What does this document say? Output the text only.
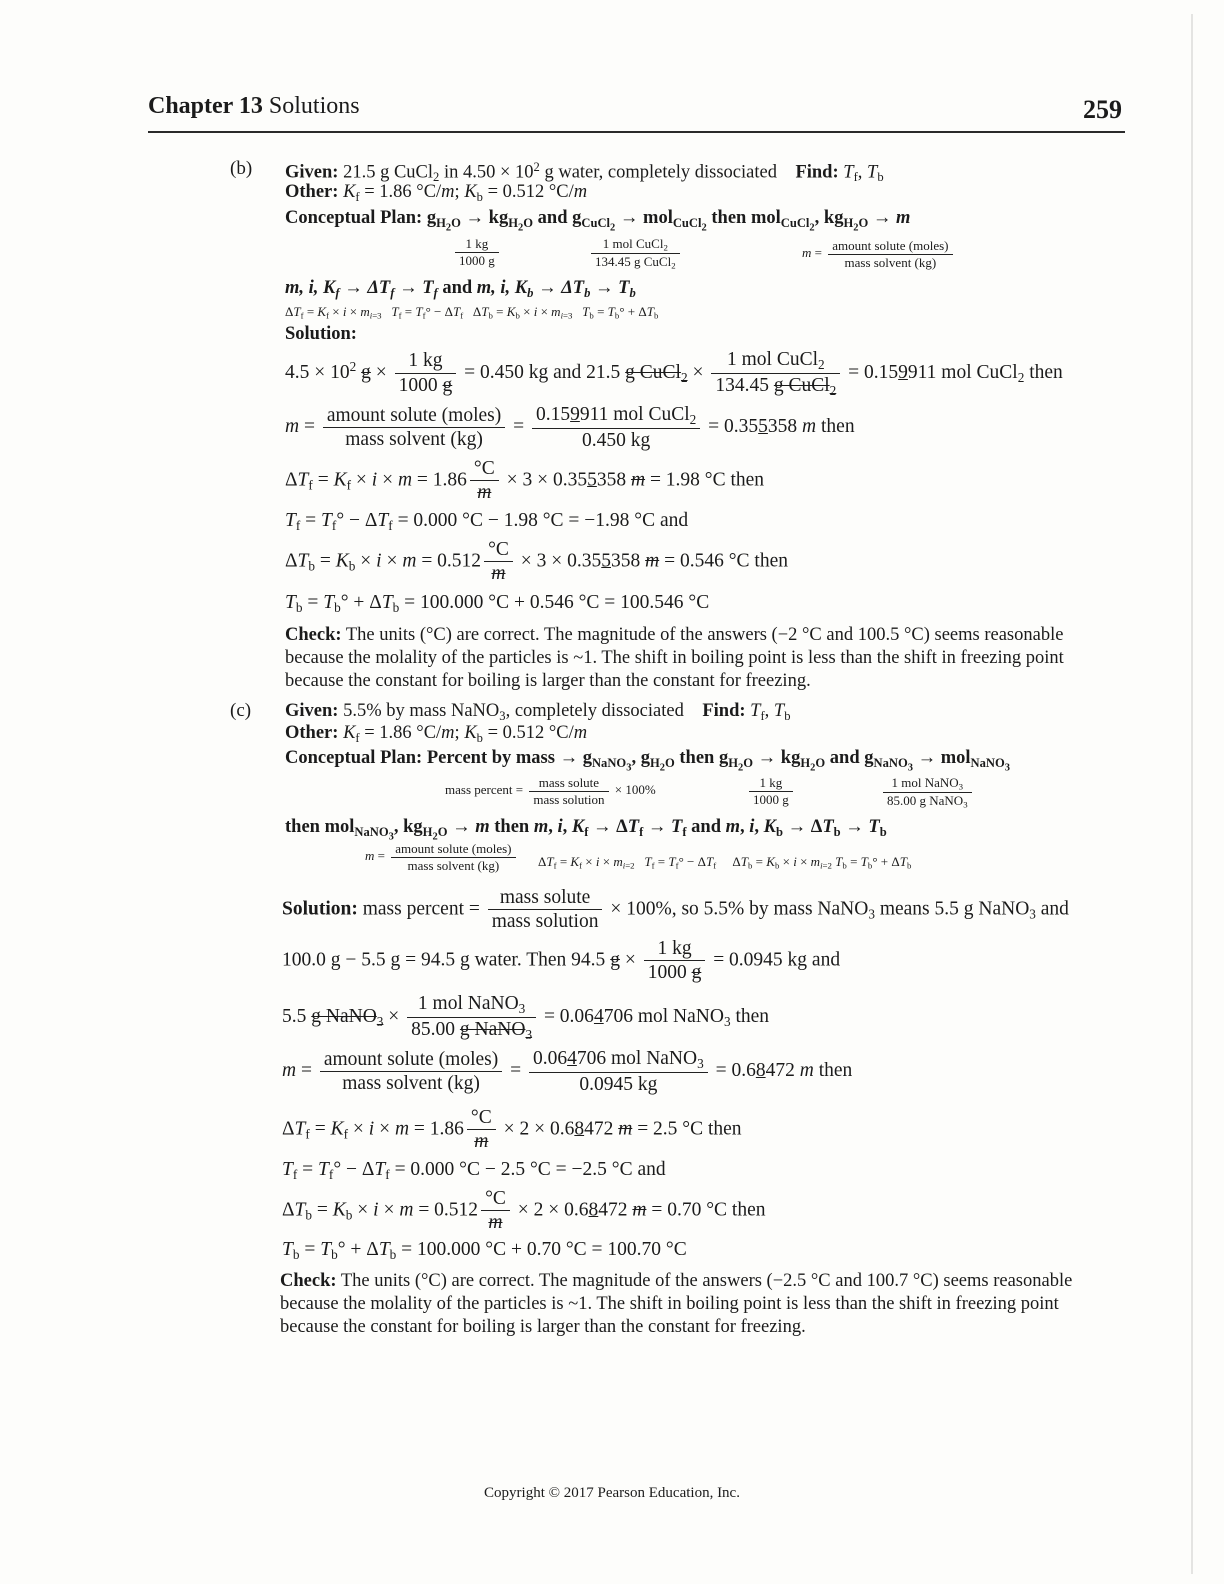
Chapter 13 Solutions	259
(b) Given: 21.5 g CuCl$_2$ in $4.50 \times 10^2$ g water, completely dissociated Find: $T_f$, $T_b$
Other: $K_f = 1.86$ °C/m; $K_b = 0.512$ °C/m
Conceptual Plan: $g_{H_2O} \to kg_{H_2O}$ and $g_{CuCl_2} \to mol_{CuCl_2}$ then mol$_{CuCl_2}$, $kg_{H_2O} \to m$
$\frac{1 kg}{1000 g}$	$\frac{1 mol CuCl_2}{134.45 g CuCl_2}$	$m = \frac{\text{amount solute (moles)}}{\text{mass solvent (kg)}}$
m, i, $K_f \to \Delta T_f \to T_f$ and m, i, $K_b \to \Delta T_b \to T_b$
$\Delta T_f = K_f \times i \times m_{i=3}$ $T_f = T_f^\circ - \Delta T_f$   $\Delta T_b = K_b \times i \times m_{i=3}$ $T_b = T_b^\circ + \Delta T_b$
Solution:
$4.5 \times 10^2$ $g \times \frac{1 kg}{1000 g} = 0.450$ kg and 21.5 g CuCl$_2$ × $\frac{1 mol CuCl_2}{134.45 g CuCl_2} = 0.159911$ mol CuCl$_2$ then
$m = \frac{\text{amount solute (moles)}}{\text{mass solvent (kg)}} = \frac{0.159911 mol CuCl_2}{0.450 kg} = 0.355358$ m then
$\Delta T_f = K_f \times i \times m = 1.86 \frac{^\circ C}{m} \times 3 \times 0.355358$ m = 1.98 °C then
$T_f = T_f^\circ - \Delta T_f = 0.000$ °C − 1.98 °C = −1.98 °C and
$\Delta T_b = K_b \times i \times m = 0.512 \frac{^\circ C}{m} \times 3 \times 0.355358$ m = 0.546 °C then
$T_b = T_b^\circ + \Delta T_b = 100.000$ °C + 0.546 °C = 100.546 °C
Check: The units (°C) are correct. The magnitude of the answers (−2 °C and 100.5 °C) seems reasonable because the molality of the particles is ~1. The shift in boiling point is less than the shift in freezing point because the constant for boiling is larger than the constant for freezing.
(c) Given: 5.5% by mass NaNO$_3$, completely dissociated    Find: $T_f$, $T_b$
Other: $K_f = 1.86$ °C/m; $K_b = 0.512$ °C/m
Conceptual Plan: Percent by mass → $g_{NaNO_3}$, $g_{H_2O}$ then $g_{H_2O} \to kg_{H_2O}$ and $g_{NaNO_3} \to mol_{NaNO_3}$
mass percent = $\frac{\text{mass solute}}{\text{mass solution}} \times 100\%$	$\frac{1 kg}{1000 g}$	$\frac{1 mol NaNO_3}{85.00 g NaNO_3}$
then mol$_{NaNO_3}$, $kg_{H_2O} \to m$ then m, i, $K_f \to \Delta T_f \to T_f$ and m, i, $K_b \to \Delta T_b \to T_b$
$m = \frac{\text{amount solute (moles)}}{\text{mass solvent (kg)}} \Delta T_f = K_f \times i \times m_{i=2}$ $T_f = T_f^\circ - \Delta T_f$     $\Delta T_b = K_b \times i \times m_{i=2}$ $T_b = T_b^\circ + \Delta T_b$
Solution: mass percent = $\frac{\text{mass solute}}{\text{mass solution}} \times 100\%$, so 5.5% by mass NaNO$_3$ means 5.5 g NaNO$_3$ and
100.0 g − 5.5 g = 94.5 g water. Then 94.5 $g \times \frac{1 kg}{1000 g} = 0.0945$ kg and
5.5 g NaNO$_3$ × $\frac{1 mol NaNO_3}{85.00 g NaNO_3} = 0.064706$ mol NaNO$_3$ then
$m = \frac{\text{amount solute (moles)}}{\text{mass solvent (kg)}} = \frac{0.064706 mol NaNO_3}{0.0945 kg} = 0.68472$ m then
$\Delta T_f = K_f \times i \times m = 1.86 \frac{^\circ C}{m} \times 2 \times 0.68472$ m = 2.5 °C then
$T_f = T_f^\circ - \Delta T_f = 0.000$ °C − 2.5 °C = −2.5 °C and
$\Delta T_b = K_b \times i \times m = 0.512 \frac{^\circ C}{m} \times 2 \times 0.68472$ m = 0.70 °C then
$T_b = T_b^\circ + \Delta T_b = 100.000$ °C + 0.70 °C = 100.70 °C
Check: The units (°C) are correct. The magnitude of the answers (−2.5 °C and 100.7 °C) seems reasonable because the molality of the particles is ~1. The shift in boiling point is less than the shift in freezing point because the constant for boiling is larger than the constant for freezing.
Copyright © 2017 Pearson Education, Inc.
